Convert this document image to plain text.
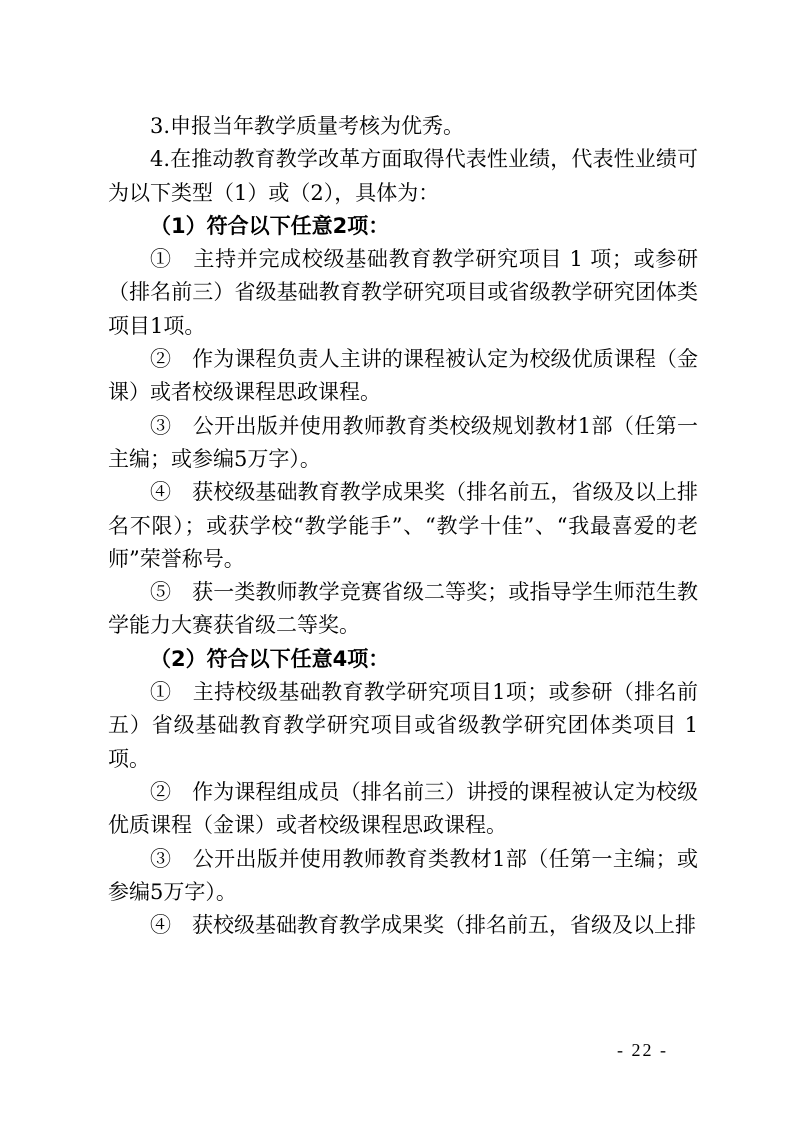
3.申报当年教学质量考核为优秀。

4.在推动教育教学改革方面取得代表性业绩，代表性业绩可为以下类型（1）或（2），具体为：

（1）符合以下任意2项：

①　主持并完成校级基础教育教学研究项目 1 项；或参研（排名前三）省级基础教育教学研究项目或省级教学研究团体类项目1项。

②　作为课程负责人主讲的课程被认定为校级优质课程（金课）或者校级课程思政课程。

③　公开出版并使用教师教育类校级规划教材1部（任第一主编；或参编5万字）。

④　获校级基础教育教学成果奖（排名前五，省级及以上排名不限）；或获学校“教学能手”、“教学十佳”、“我最喜爱的老师”荣誉称号。

⑤　获一类教师教学竞赛省级二等奖；或指导学生师范生教学能力大赛获省级二等奖。

（2）符合以下任意4项：

①　主持校级基础教育教学研究项目1项；或参研（排名前五）省级基础教育教学研究项目或省级教学研究团体类项目 1项。

②　作为课程组成员（排名前三）讲授的课程被认定为校级优质课程（金课）或者校级课程思政课程。

③　公开出版并使用教师教育类教材1部（任第一主编；或参编5万字）。

④　获校级基础教育教学成果奖（排名前五，省级及以上排

- 22 -
